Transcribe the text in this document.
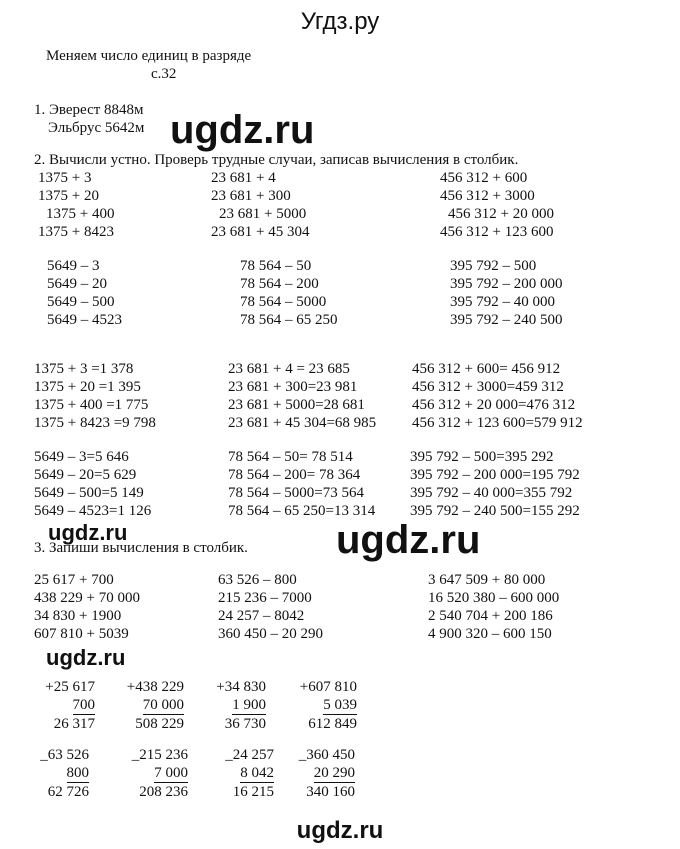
Угдз.ру
Меняем число единиц в разряде
с.32
1. Эверест 8848м
Эльбрус 5642м ugdz.ru
2. Вычисли устно. Проверь трудные случаи, записав вычисления в столбик.
1375 + 3
1375 + 20
1375 + 400
1375 + 8423
23 681 + 4
23 681 + 300
23 681 + 5000
23 681 + 45 304
456 312 + 600
456 312 + 3000
456 312 + 20 000
456 312 + 123 600
5649 – 3
5649 – 20
5649 – 500
5649 – 4523
78 564 – 50
78 564 – 200
78 564 – 5000
78 564 – 65 250
395 792 – 500
395 792 – 200 000
395 792 – 40 000
395 792 – 240 500
1375 + 3 =1 378
1375 + 20 =1 395
1375 + 400 =1 775
1375 + 8423 =9 798
23 681 + 4 = 23 685
23 681 + 300=23 981
23 681 + 5000=28 681
23 681 + 45 304=68 985
456 312 + 600= 456 912
456 312 + 3000=459 312
456 312 + 20 000=476 312
456 312 + 123 600=579 912
5649 – 3=5 646
5649 – 20=5 629
5649 – 500=5 149
5649 – 4523=1 126
78 564 – 50= 78 514
78 564 – 200= 78 364
78 564 – 5000=73 564
78 564 – 65 250=13 314
395 792 – 500=395 292
395 792 – 200 000=195 792
395 792 – 40 000=355 792
395 792 – 240 500=155 292
ugdz.ru	ugdz.ru
3. Запиши вычисления в столбик.
25 617 + 700
438 229 + 70 000
34 830 + 1900
607 810 + 5039
63 526 – 800
215 236 – 7000
24 257 – 8042
360 450 – 20 290
3 647 509 + 80 000
16 520 380 – 600 000
2 540 704 + 200 186
4 900 320 – 600 150
ugdz.ru
+25 617
700
26 317
+438 229
70 000
508 229
+34 830
1 900
36 730
+607 810
5 039
612 849
_63 526
800
62 726
_215 236
7 000
208 236
_24 257
8 042
16 215
_360 450
20 290
340 160
ugdz.ru
